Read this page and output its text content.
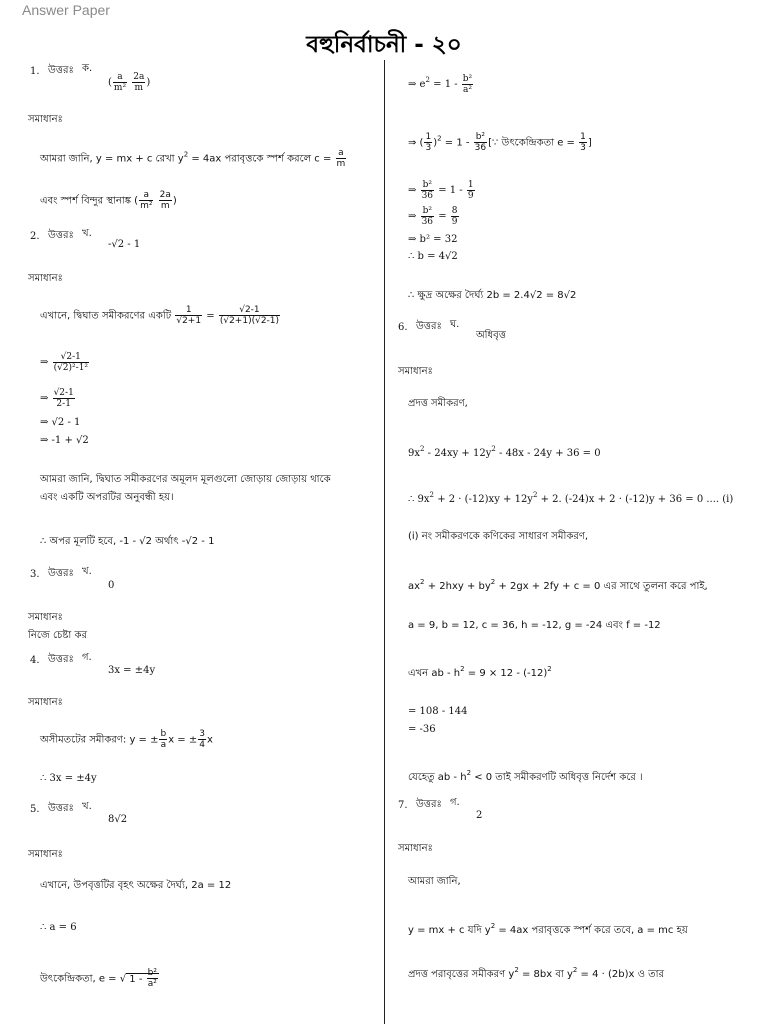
Answer Paper
বহুনির্বাচনী - ২০
1. উত্তরঃ ক.
( $\frac{a}{\text{m²}}$
$\frac{2a}{m}$ )
সমাধানঃ
আমরা জানি, y = mx + c রেখা $y^2 = 4ax$ পরাবৃত্তকে স্পর্শ করলে $c = \frac{a}{m}$
এবং স্পর্শ বিন্দুর স্থানাঙ্ক ( $\frac{a}{\text{m²}}$
$\frac{2a}{m}$ )
2. উত্তরঃ খ.
-√2 - 1
সমাধানঃ
এখানে, দ্বিঘাত সমীকরণের একটি $\frac{1}{√2+1} = \frac{√2-1}{(√2+1)(√2-1)}$
⇒ $\frac{√2-1}{\text{(√2)²-1²}}$
⇒ $\frac{√2-1}{2-1}$
⇒ √2 - 1
⇒ -1 + √2
আমরা জানি, দ্বিঘাত সমীকরণের অমূলদ মূলগুলো জোড়ায় জোড়ায় থাকে
এবং একটি অপরটির অনুবন্ধী হয়।
∴ অপর মূলটি হবে, -1 - √2 অর্থাৎ -√2 - 1
3. উত্তরঃ খ.
0
সমাধানঃ
নিজে চেষ্টা কর
4. উত্তরঃ গ.
3x = ±4y
সমাধানঃ
অসীমতটের সমীকরণ: y = ± $\frac{b}{a}$ x = ± $\frac{3}{4}$ x
∴ 3x = ±4y
5. উত্তরঃ খ.
8√2
সমাধানঃ
এখানে, উপবৃত্তটির বৃহৎ অক্ষের দৈর্ঘ্য, 2a = 12
∴ a = 6
উৎকেন্দ্রিকতা, e = √ $1 - \frac{\text{b²}}{\text{a²}}$
⇒ $e^2 = 1 - \frac{\text{b²}}{\text{a²}}$
⇒ ( $\frac{1}{3} )^2 = 1 - \frac{\text{b²}}{36}$ [∵ উৎকেন্দ্রিকতা $e = \frac{1}{3}$ ]
⇒ $\frac{\text{b²}}{36} = 1 - \frac{1}{9}$
⇒ $\frac{\text{b²}}{36} = \frac{8}{9}$
⇒ b² = 32
∴ b = 4√2
∴ ক্ষুদ্র অক্ষের দৈর্ঘ্য 2b = 2.4√2 = 8√2
6. উত্তরঃ ঘ.
অধিবৃত্ত
সমাধানঃ
প্রদত্ত সমীকরণ,
$9x^2 - 24xy + 12y^2 - 48x - 24y + 36 = 0$
∴ $9x^2 + 2 \cdot (-12)xy + 12y^2 + 2$. (-24)x + 2 · (-12)y + 36 = 0 .... (i)
(i) নং সমীকরণকে কণিকের সাধারণ সমীকরণ,
$ax^2 + 2hxy + by^2 + 2gx + 2fy + c = 0$ এর সাথে তুলনা করে পাই,
a = 9, b = 12, c = 36, h = -12, g = -24 এবং f = -12
এখন ab - $h^2 = 9 \times 12 - (-12)^2$
= 108 - 144
= -36
যেহেতু ab - $h^2 < 0$ তাই সমীকরণটি অধিবৃত্ত নির্দেশ করে ।
7. উত্তরঃ গ.
2
সমাধানঃ
আমরা জানি,
y = mx + c যদি $y^2 = 4ax$ পরাবৃত্তকে স্পর্শ করে তবে, a = mc হয়
প্রদত্ত পরাবৃত্তের সমীকরণ $y^2 = 8bx$ বা $y^2 = 4 \cdot (2b)x$ ও তার
